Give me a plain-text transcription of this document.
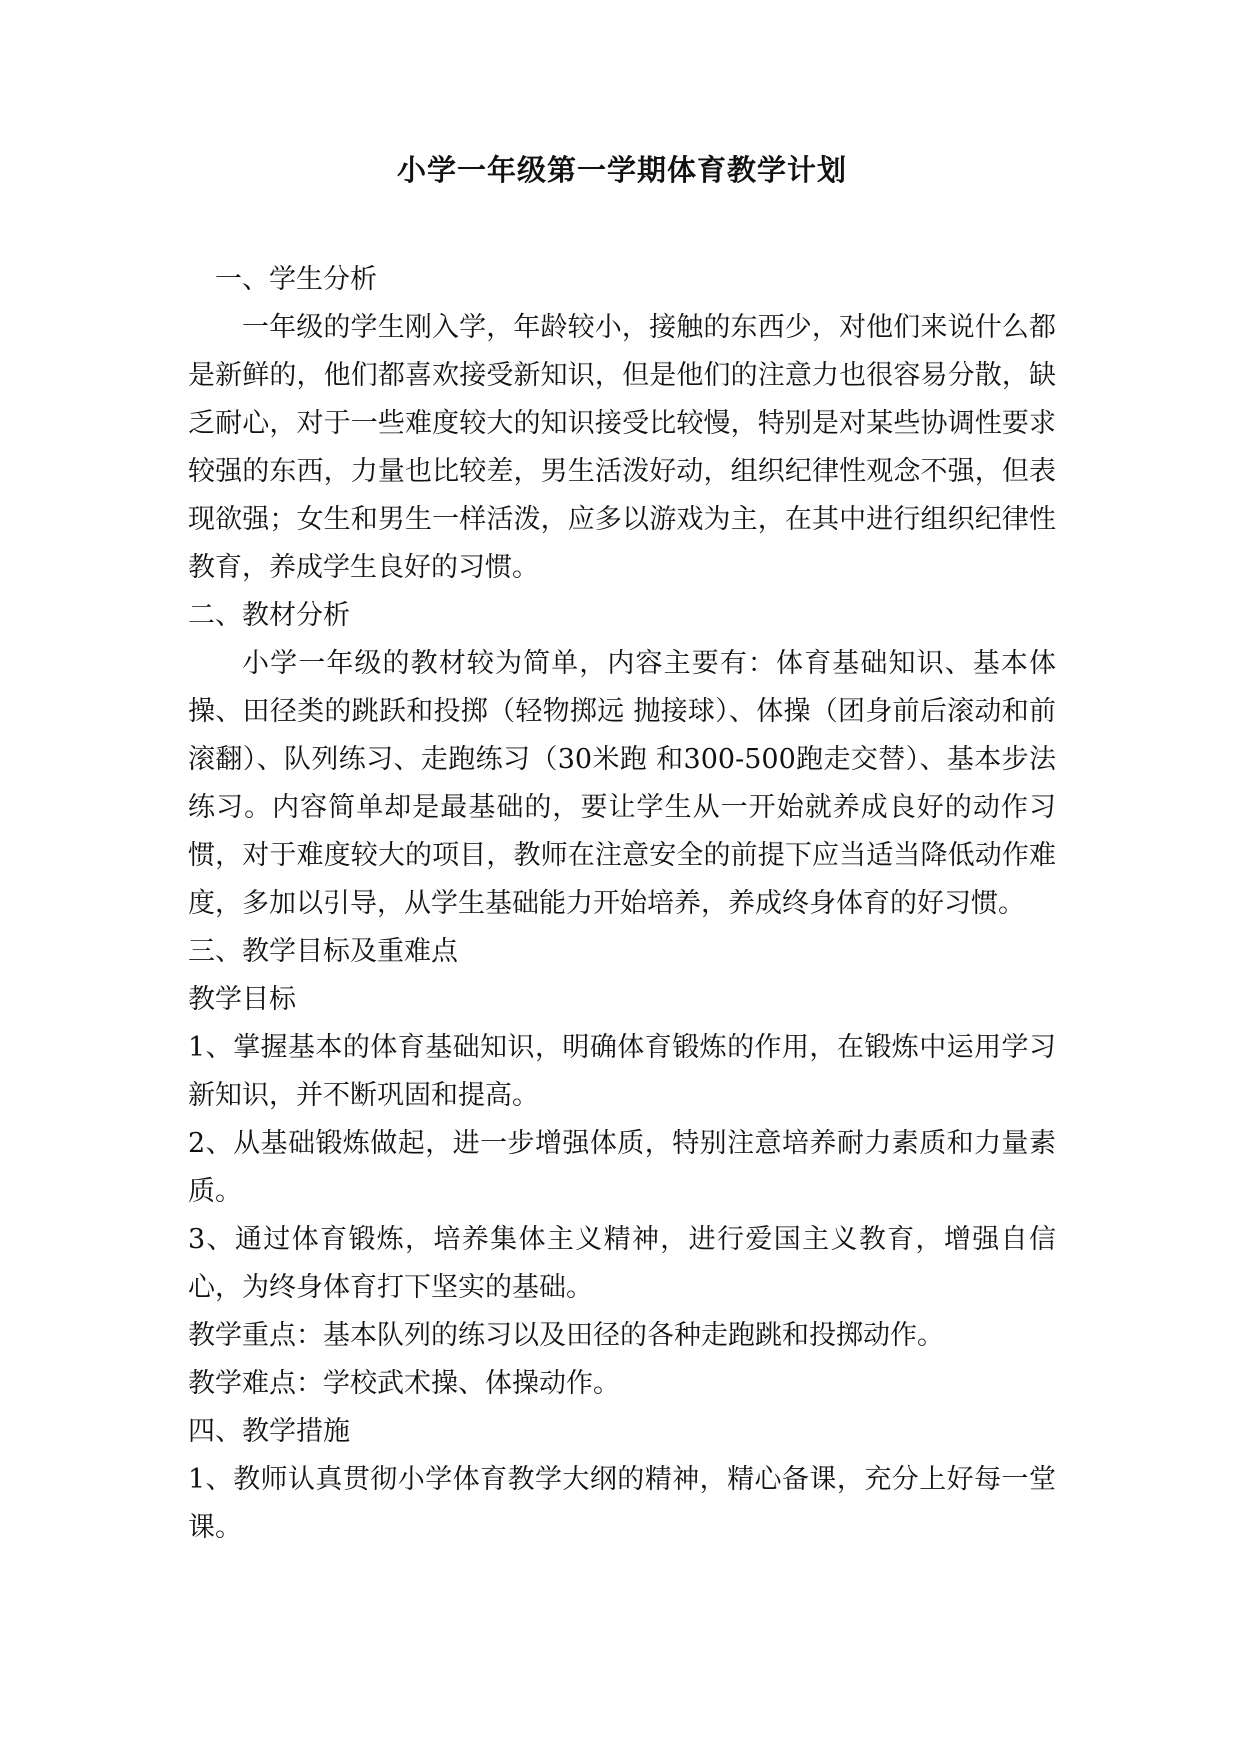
小学一年级第一学期体育教学计划

一、学生分析

一年级的学生刚入学，年龄较小，接触的东西少，对他们来说什么都是新鲜的，他们都喜欢接受新知识，但是他们的注意力也很容易分散，缺乏耐心，对于一些难度较大的知识接受比较慢，特别是对某些协调性要求较强的东西，力量也比较差，男生活泼好动，组织纪律性观念不强，但表现欲强；女生和男生一样活泼，应多以游戏为主，在其中进行组织纪律性教育，养成学生良好的习惯。

二、教材分析

小学一年级的教材较为简单，内容主要有：体育基础知识、基本体操、田径类的跳跃和投掷（轻物掷远 抛接球）、体操（团身前后滚动和前滚翻）、队列练习、走跑练习（30米跑 和300-500跑走交替）、基本步法练习。内容简单却是最基础的，要让学生从一开始就养成良好的动作习惯，对于难度较大的项目，教师在注意安全的前提下应当适当降低动作难度，多加以引导，从学生基础能力开始培养，养成终身体育的好习惯。

三、教学目标及重难点

教学目标

1、掌握基本的体育基础知识，明确体育锻炼的作用，在锻炼中运用学习新知识，并不断巩固和提高。

2、从基础锻炼做起，进一步增强体质，特别注意培养耐力素质和力量素质。

3、通过体育锻炼，培养集体主义精神，进行爱国主义教育，增强自信心，为终身体育打下坚实的基础。

教学重点：基本队列的练习以及田径的各种走跑跳和投掷动作。

教学难点：学校武术操、体操动作。

四、教学措施

1、教师认真贯彻小学体育教学大纲的精神，精心备课，充分上好每一堂课。
